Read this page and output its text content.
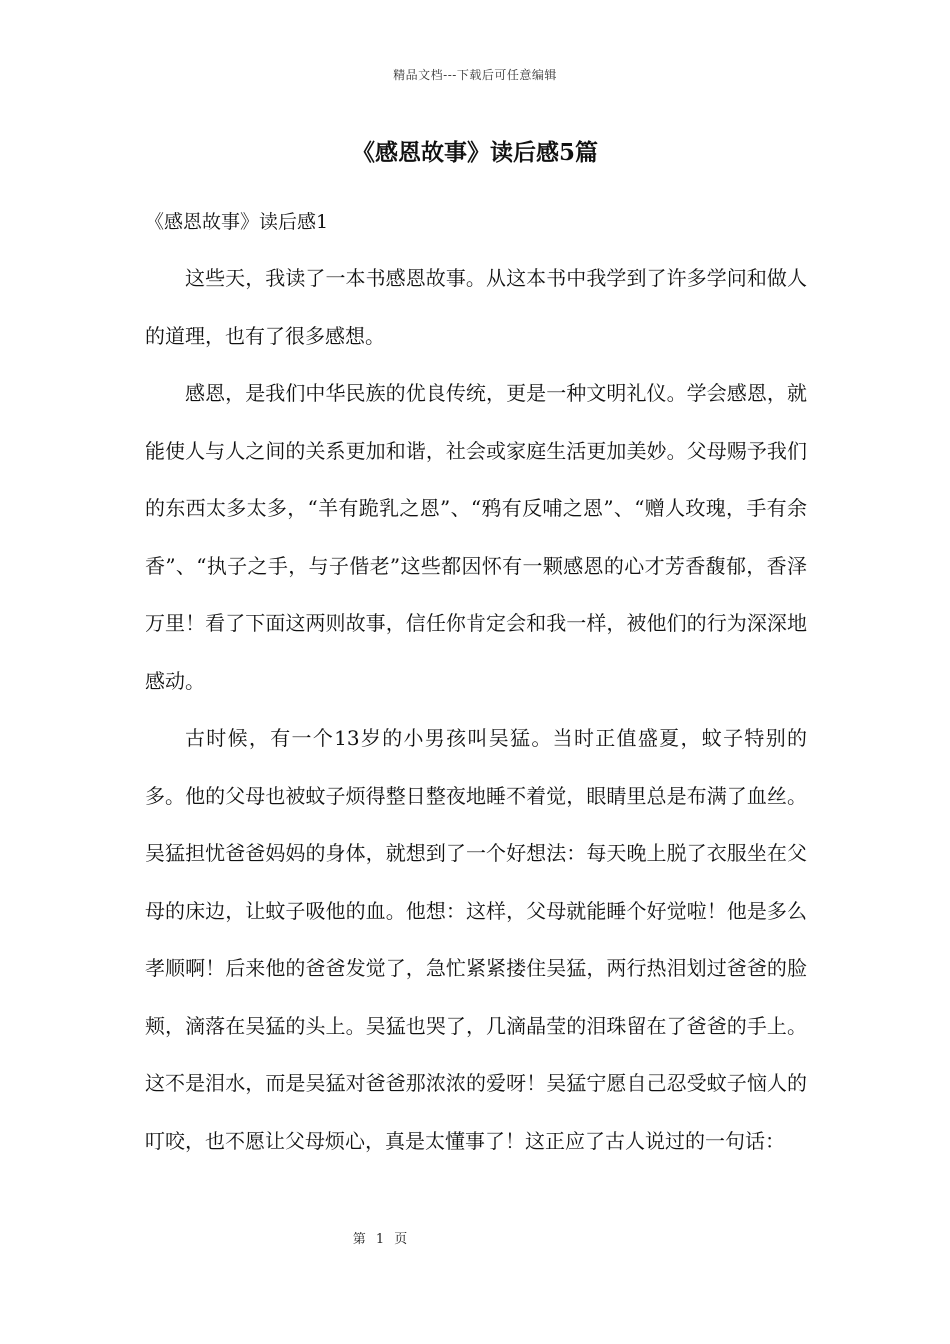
精品文档---下载后可任意编辑
《感恩故事》读后感5篇
《感恩故事》读后感1

这些天，我读了一本书感恩故事。从这本书中我学到了许多学问和做人的道理，也有了很多感想。

感恩，是我们中华民族的优良传统，更是一种文明礼仪。学会感恩，就能使人与人之间的关系更加和谐，社会或家庭生活更加美妙。父母赐予我们的东西太多太多，“羊有跪乳之恩”、“鸦有反哺之恩”、“赠人玫瑰，手有余香”、“执子之手，与子偕老”这些都因怀有一颗感恩的心才芳香馥郁，香泽万里！看了下面这两则故事，信任你肯定会和我一样，被他们的行为深深地感动。

古时候，有一个13岁的小男孩叫吴猛。当时正值盛夏，蚊子特别的多。他的父母也被蚊子烦得整日整夜地睡不着觉，眼睛里总是布满了血丝。吴猛担忧爸爸妈妈的身体，就想到了一个好想法：每天晚上脱了衣服坐在父母的床边，让蚊子吸他的血。他想：这样，父母就能睡个好觉啦！他是多么孝顺啊！后来他的爸爸发觉了，急忙紧紧搂住吴猛，两行热泪划过爸爸的脸颊，滴落在吴猛的头上。吴猛也哭了，几滴晶莹的泪珠留在了爸爸的手上。这不是泪水，而是吴猛对爸爸那浓浓的爱呀！吴猛宁愿自己忍受蚊子恼人的叮咬，也不愿让父母烦心，真是太懂事了！这正应了古人说过的一句话：

第 1 页
